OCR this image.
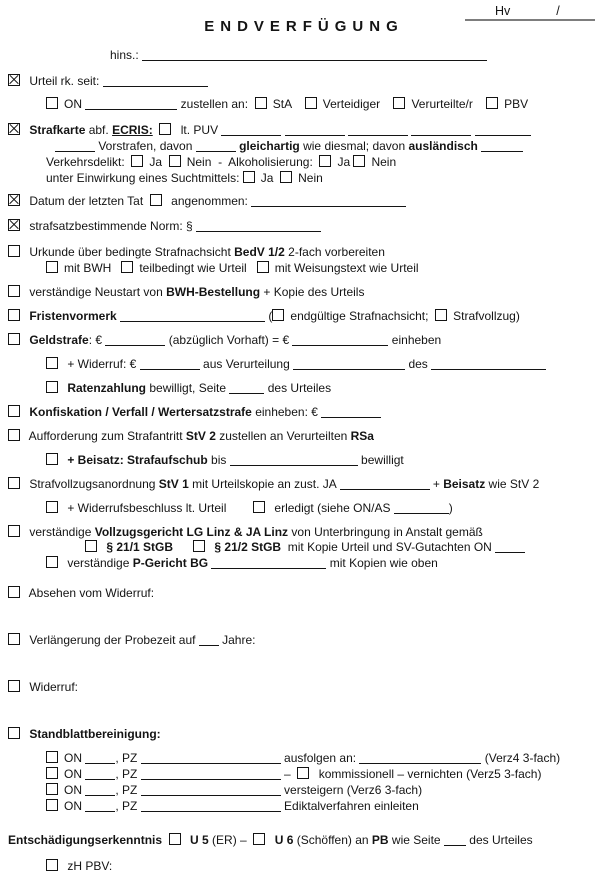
Hv	/
ENDVERFÜGUNG
hins.:
Urteil rk. seit:
ON	zustellen an:  StA    Verteidiger    Verurteilte/r    PBV
Strafkarte abf. ECRIS:   lt. PUV
Vorstrafen, davon	gleichartig wie diesmal; davon ausländisch
Verkehrsdelikt:  Ja  Nein  -  Alkoholisierung:  Ja Nein
unter Einwirkung eines Suchtmittels: Ja  Nein
Datum der letzten Tat   angenommen:
strafsatzbestimmende Norm: §
Urkunde über bedingte Strafnachsicht BedV 1/2 2-fach vorbereiten
mit BWH   teilbedingt wie Urteil   mit Weisungstext wie Urteil
verständige Neustart von BWH-Bestellung + Kopie des Urteils
Fristenvormerk	( endgültige Strafnachsicht;  Strafvollzug)
Geldstrafe: €	(abzüglich Vorhaft) = €	einheben
+ Widerruf: €	aus Verurteilung	des
Ratenzahlung bewilligt, Seite	des Urteiles
Konfiskation / Verfall / Wertersatzstrafe einheben: €
Aufforderung zum Strafantritt StV 2 zustellen an Verurteilten RSa
+ Beisatz: Strafaufschub bis	bewilligt
Strafvollzugsanordnung StV 1 mit Urteilskopie an zust. JA	+ Beisatz wie StV 2
+ Widerrufsbeschluss lt. Urteil         erledigt (siehe ON/AS	)
verständige Vollzugsgericht LG Linz & JA Linz von Unterbringung in Anstalt gemäß
§ 21/1 StGB	§ 21/2 StGB  mit Kopie Urteil und SV-Gutachten ON
verständige P-Gericht BG	mit Kopien wie oben
Absehen vom Widerruf:
Verlängerung der Probezeit auf  Jahre:
Widerruf:
Standblattbereinigung:
ON	, PZ	ausfolgen an:	(Verz4 3-fach)
ON	, PZ	–   kommissionell – vernichten (Verz5 3-fach)
ON	, PZ	versteigern (Verz6 3-fach)
ON	, PZ	Ediktalverfahren einleiten
Entschädigungserkenntnis   U 5 (ER) –   U 6 (Schöffen) an PB wie Seite  des Urteiles
zH PBV:
